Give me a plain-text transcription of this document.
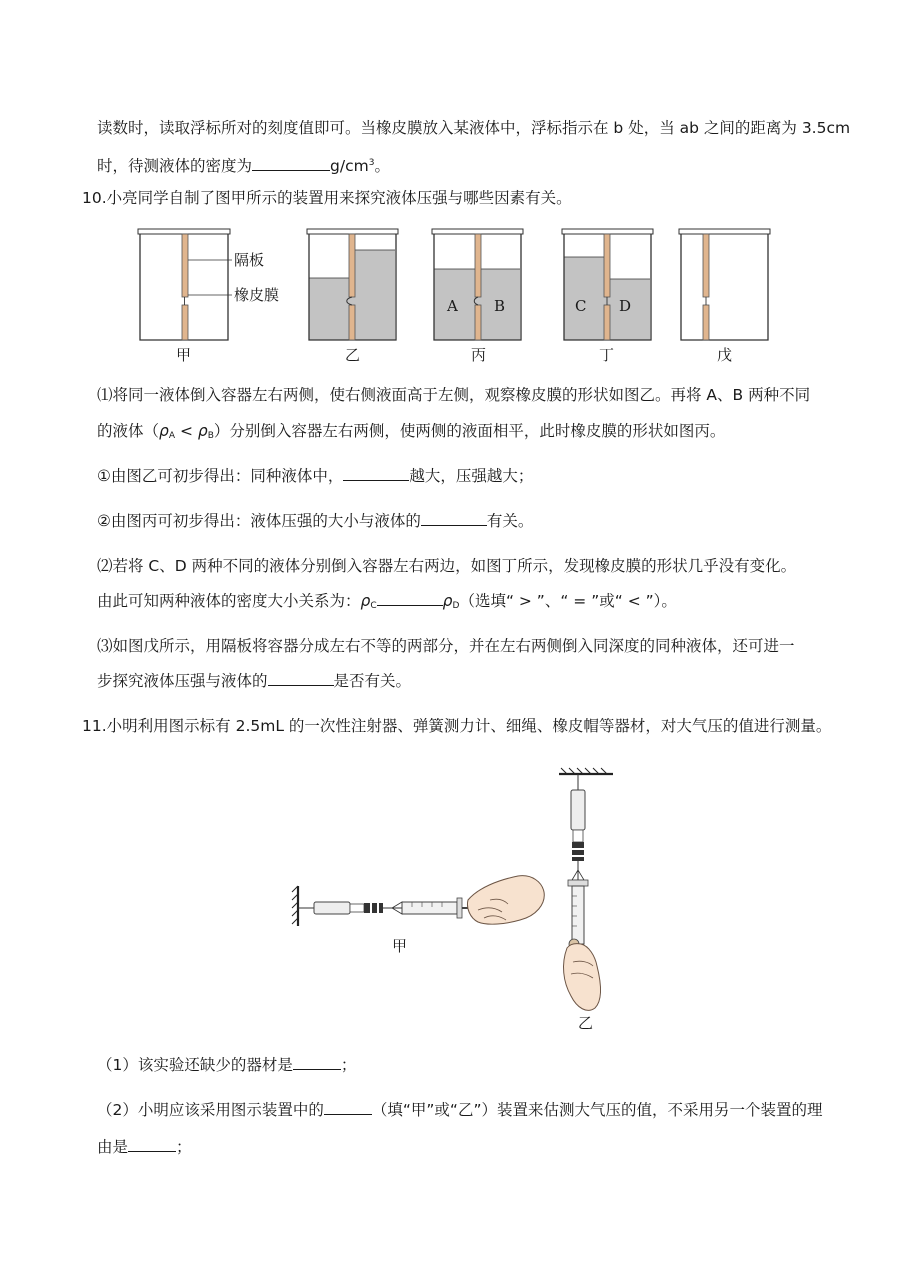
读数时，读取浮标所对的刻度值即可。当橡皮膜放入某液体中，浮标指示在 b 处，当 ab 之间的距离为 3.5cm
时，待测液体的密度为	$g/cm^3$。
10.小亮同学自制了图甲所示的装置用来探究液体压强与哪些因素有关。
隔板
橡皮膜
A B	C D
甲	乙	丙	丁	戊
⑴将同一液体倒入容器左右两侧，使右侧液面高于左侧，观察橡皮膜的形状如图乙。再将 A、B 两种不同
的液体$(\rho_A < \rho_B)$分别倒入容器左右两侧，使两侧的液面相平，此时橡皮膜的形状如图丙。
①由图乙可初步得出：同种液体中，	越大，压强越大；
②由图丙可初步得出：液体压强的大小与液体的	有关。
⑵若将 C、D 两种不同的液体分别倒入容器左右两边，如图丁所示，发现橡皮膜的形状几乎没有变化。
由此可知两种液体的密度大小关系为：$\rho_C$	$\rho_D$（选填“ > ”、“ = ”或“ < ”）。
⑶如图戊所示，用隔板将容器分成左右不等的两部分，并在左右两侧倒入同深度的同种液体，还可进一
步探究液体压强与液体的	是否有关。
11.小明利用图示标有 2.5mL 的一次性注射器、弹簧测力计、细绳、橡皮帽等器材，对大气压的值进行测量。
甲
乙
（1）该实验还缺少的器材是	；
（2）小明应该采用图示装置中的	（填“甲”或“乙”）装置来估测大气压的值，不采用另一个装置的理
由是	；
